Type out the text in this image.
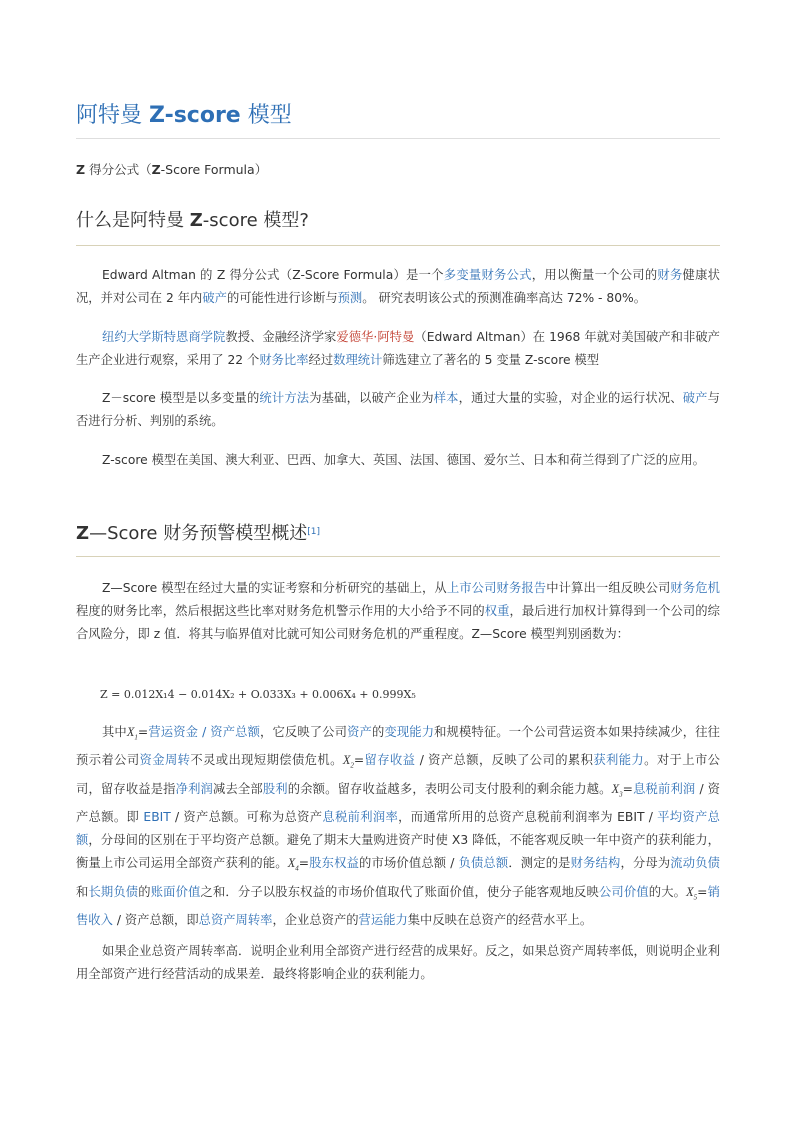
阿特曼 Z-score 模型
Z 得分公式（Z-Score Formula）
什么是阿特曼 Z-score 模型?

Edward Altman 的 Z 得分公式（Z-Score Formula）是一个多变量财务公式，用以衡量一个公司的财务健康状况，并对公司在 2 年内破产的可能性进行诊断与预测。 研究表明该公式的预测准确率高达 72% - 80%。

纽约大学斯特恩商学院教授、金融经济学家爱德华·阿特曼（Edward Altman）在 1968 年就对美国破产和非破产生产企业进行观察，采用了 22 个财务比率经过数理统计筛选建立了著名的 5 变量 Z-score 模型

Z－score 模型是以多变量的统计方法为基础，以破产企业为样本，通过大量的实验，对企业的运行状况、破产与否进行分析、判别的系统。

Z-score 模型在美国、澳大利亚、巴西、加拿大、英国、法国、德国、爱尔兰、日本和荷兰得到了广泛的应用。

Z—Score 财务预警模型概述[1]

Z—Score 模型在经过大量的实证考察和分析研究的基础上，从上市公司财务报告中计算出一组反映公司财务危机程度的财务比率，然后根据这些比率对财务危机警示作用的大小给予不同的权重，最后进行加权计算得到一个公司的综合风险分，即 z 值．将其与临界值对比就可知公司财务危机的严重程度。Z—Score 模型判别函数为：

Z = 0.012X₁4 − 0.014X₂ + O.033X₃ + 0.006X₄ + 0.999X₅

其中$X_1=$营运资金 / 资产总额，它反映了公司资产的变现能力和规模特征。一个公司营运资本如果持续减少，往往预示着公司资金周转不灵或出现短期偿债危机。$X_2=$留存收益 / 资产总额，反映了公司的累积获利能力。对于上市公司，留存收益是指净利润减去全部股利的余额。留存收益越多，表明公司支付股利的剩余能力越。$X_3=$息税前利润 / 资产总额。即 EBIT / 资产总额。可称为总资产息税前利润率，而通常所用的总资产息税前利润率为 EBIT / 平均资产总额，分母间的区别在于平均资产总额。避免了期末大量购进资产时使 X3 降低，不能客观反映一年中资产的获利能力，衡量上市公司运用全部资产获利的能。$X_4=$股东权益的市场价值总额 / 负债总额．测定的是财务结构，分母为流动负债和长期负债的账面价值之和．分子以股东权益的市场价值取代了账面价值，使分子能客观地反映公司价值的大。$X_5=$销售收入 / 资产总额，即总资产周转率，企业总资产的营运能力集中反映在总资产的经营水平上。

如果企业总资产周转率高．说明企业利用全部资产进行经营的成果好。反之，如果总资产周转率低，则说明企业利用全部资产进行经营活动的成果差．最终将影响企业的获利能力。
